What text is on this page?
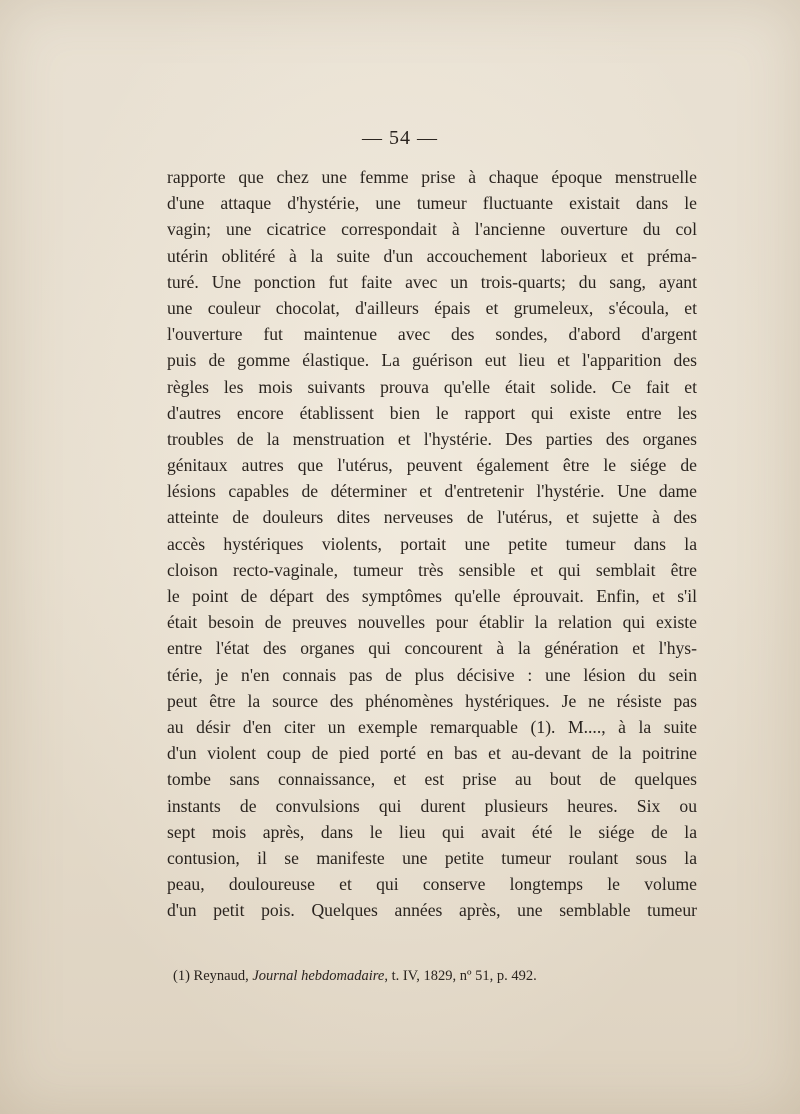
— 54 —
rapporte que chez une femme prise à chaque époque menstruelle
d'une attaque d'hystérie, une tumeur fluctuante existait dans le
vagin; une cicatrice correspondait à l'ancienne ouverture du col
utérin oblitéré à la suite d'un accouchement laborieux et préma-
turé. Une ponction fut faite avec un trois-quarts; du sang, ayant
une couleur chocolat, d'ailleurs épais et grumeleux, s'écoula, et
l'ouverture fut maintenue avec des sondes, d'abord d'argent
puis de gomme élastique. La guérison eut lieu et l'apparition des
règles les mois suivants prouva qu'elle était solide. Ce fait et
d'autres encore établissent bien le rapport qui existe entre les
troubles de la menstruation et l'hystérie. Des parties des organes
génitaux autres que l'utérus, peuvent également être le siége de
lésions capables de déterminer et d'entretenir l'hystérie. Une dame
atteinte de douleurs dites nerveuses de l'utérus, et sujette à des
accès hystériques violents, portait une petite tumeur dans la
cloison recto-vaginale, tumeur très sensible et qui semblait être
le point de départ des symptômes qu'elle éprouvait. Enfin, et s'il
était besoin de preuves nouvelles pour établir la relation qui existe
entre l'état des organes qui concourent à la génération et l'hys-
térie, je n'en connais pas de plus décisive : une lésion du sein
peut être la source des phénomènes hystériques. Je ne résiste pas
au désir d'en citer un exemple remarquable (1). M...., à la suite
d'un violent coup de pied porté en bas et au-devant de la poitrine
tombe sans connaissance, et est prise au bout de quelques
instants de convulsions qui durent plusieurs heures. Six ou
sept mois après, dans le lieu qui avait été le siége de la
contusion, il se manifeste une petite tumeur roulant sous la
peau, douloureuse et qui conserve longtemps le volume
d'un petit pois. Quelques années après, une semblable tumeur
(1) Reynaud, Journal hebdomadaire, t. IV, 1829, nº 51, p. 492.
